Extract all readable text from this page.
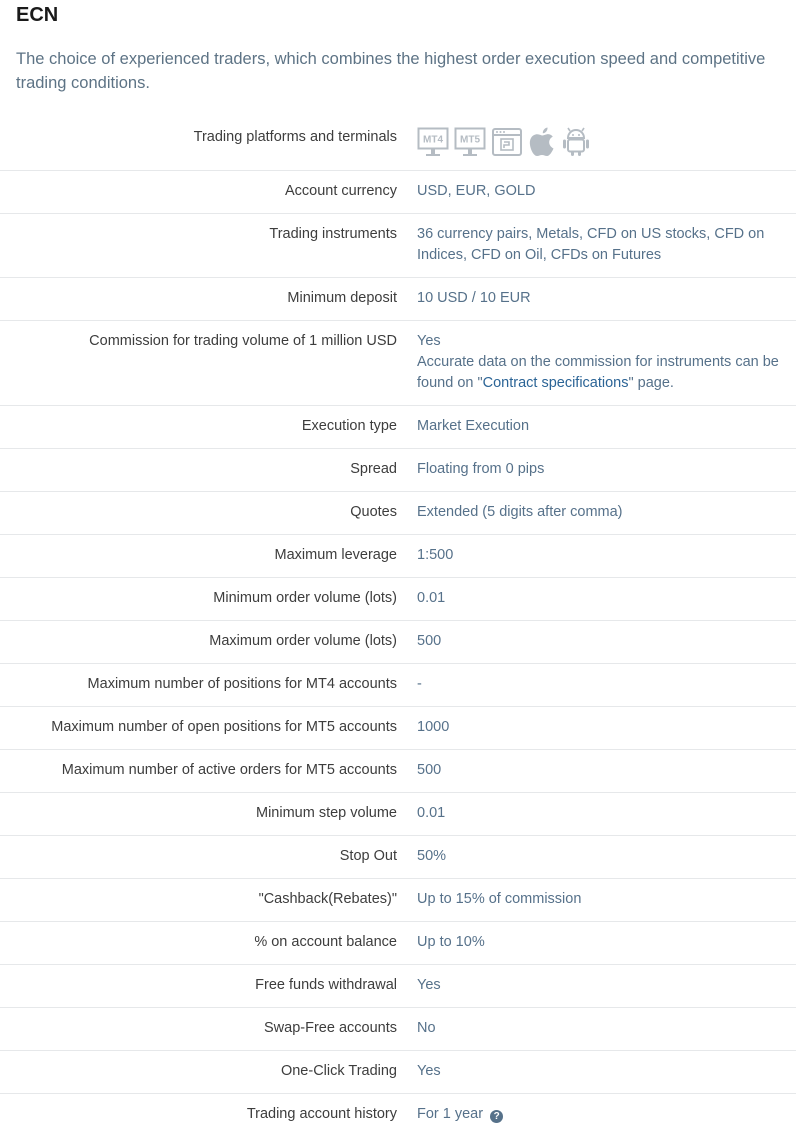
ECN
The choice of experienced traders, which combines the highest order execution speed and competitive trading conditions.
Trading platforms and terminals	MT4 MT5

Account currency	USD, EUR, GOLD
Trading instruments	36 currency pairs, Metals, CFD on US stocks, CFD on Indices, CFD on Oil, CFDs on Futures
Minimum deposit	10 USD / 10 EUR
Commission for trading volume of 1 million USD	Yes
Accurate data on the commission for instruments can be found on "Contract specifications" page.
Execution type	Market Execution
Spread	Floating from 0 pips
Quotes	Extended (5 digits after comma)
Maximum leverage	1:500
Minimum order volume (lots)	0.01
Maximum order volume (lots)	500
Maximum number of positions for MT4 accounts	-
Maximum number of open positions for MT5 accounts	1000
Maximum number of active orders for MT5 accounts	500
Minimum step volume	0.01
Stop Out	50%
"Cashback(Rebates)"	Up to 15% of commission
% on account balance	Up to 10%
Free funds withdrawal	Yes
Swap-Free accounts	No
One-Click Trading	Yes
Trading account history	For 1 year ?
